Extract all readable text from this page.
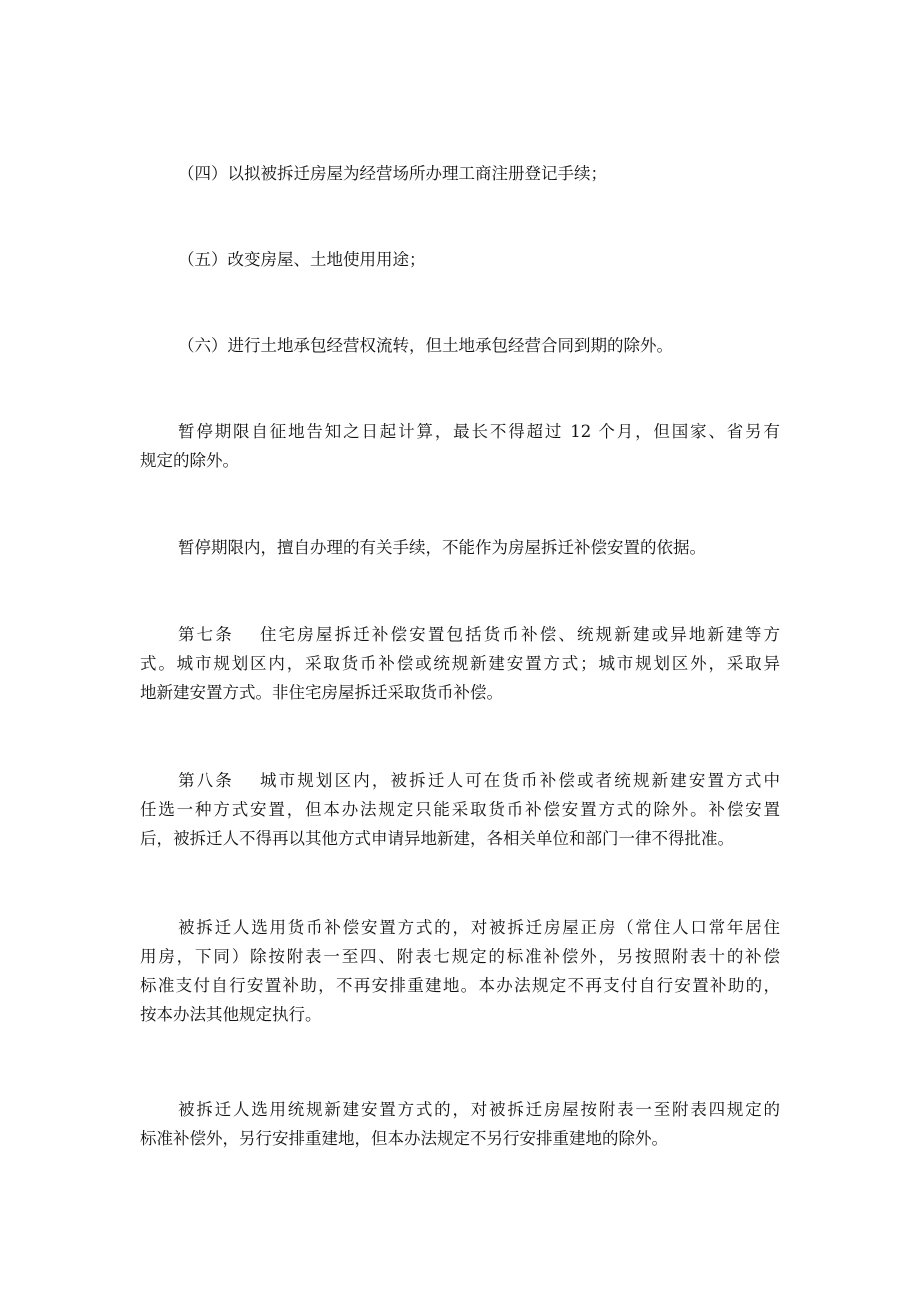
（四）以拟被拆迁房屋为经营场所办理工商注册登记手续；

（五）改变房屋、土地使用用途；

（六）进行土地承包经营权流转，但土地承包经营合同到期的除外。

暂停期限自征地告知之日起计算，最长不得超过 12 个月，但国家、省另有
规定的除外。

暂停期限内，擅自办理的有关手续，不能作为房屋拆迁补偿安置的依据。

第七条　 住宅房屋拆迁补偿安置包括货币补偿、统规新建或异地新建等方
式。城市规划区内，采取货币补偿或统规新建安置方式；城市规划区外，采取异
地新建安置方式。非住宅房屋拆迁采取货币补偿。
第八条　 城市规划区内，被拆迁人可在货币补偿或者统规新建安置方式中
任选一种方式安置，但本办法规定只能采取货币补偿安置方式的除外。补偿安置
后，被拆迁人不得再以其他方式申请异地新建，各相关单位和部门一律不得批准。
被拆迁人选用货币补偿安置方式的，对被拆迁房屋正房（常住人口常年居住
用房，下同）除按附表一至四、附表七规定的标准补偿外，另按照附表十的补偿
标准支付自行安置补助，不再安排重建地。本办法规定不再支付自行安置补助的，
按本办法其他规定执行。
被拆迁人选用统规新建安置方式的，对被拆迁房屋按附表一至附表四规定的
标准补偿外，另行安排重建地，但本办法规定不另行安排重建地的除外。
